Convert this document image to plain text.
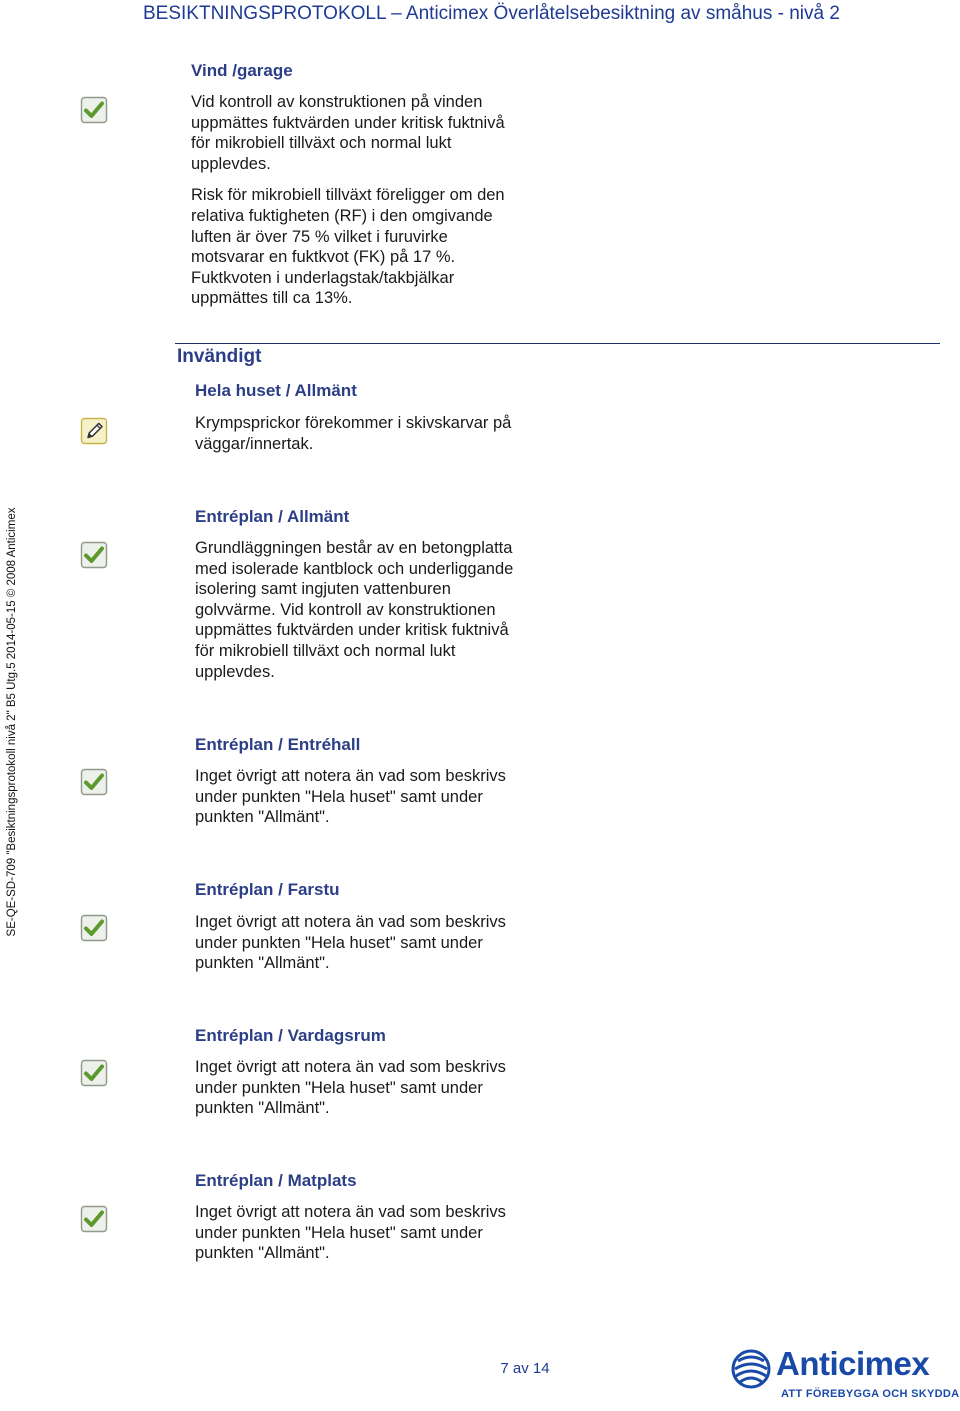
BESIKTNINGSPROTOKOLL – Anticimex Överlåtelsebesiktning av småhus - nivå 2
SE-QE-SD-709 "Besiktningsprotokoll nivå 2" B5 Utg.5 2014-05-15 © 2008 Anticimex
Vind /garage
Vid kontroll av konstruktionen på vinden
uppmättes fuktvärden under kritisk fuktnivå
för mikrobiell tillväxt och normal lukt
upplevdes.
Risk för mikrobiell tillväxt föreligger om den
relativa fuktigheten (RF) i den omgivande
luften är över 75 % vilket i furuvirke
motsvarar en fuktkvot (FK) på 17 %.
Fuktkvoten i underlagstak/takbjälkar
uppmättes till ca 13%.
Invändigt
Hela huset / Allmänt
Krympsprickor förekommer i skivskarvar på
väggar/innertak.
Entréplan / Allmänt
Grundläggningen består av en betongplatta
med isolerade kantblock och underliggande
isolering samt ingjuten vattenburen
golvvärme. Vid kontroll av konstruktionen
uppmättes fuktvärden under kritisk fuktnivå
för mikrobiell tillväxt och normal lukt
upplevdes.
Entréplan / Entréhall
Inget övrigt att notera än vad som beskrivs
under punkten "Hela huset" samt under
punkten "Allmänt".
Entréplan / Farstu
Inget övrigt att notera än vad som beskrivs
under punkten "Hela huset" samt under
punkten "Allmänt".
Entréplan / Vardagsrum
Inget övrigt att notera än vad som beskrivs
under punkten "Hela huset" samt under
punkten "Allmänt".
Entréplan / Matplats
Inget övrigt att notera än vad som beskrivs
under punkten "Hela huset" samt under
punkten "Allmänt".
7 av 14	Anticimex
ATT FÖREBYGGA OCH SKYDDA
